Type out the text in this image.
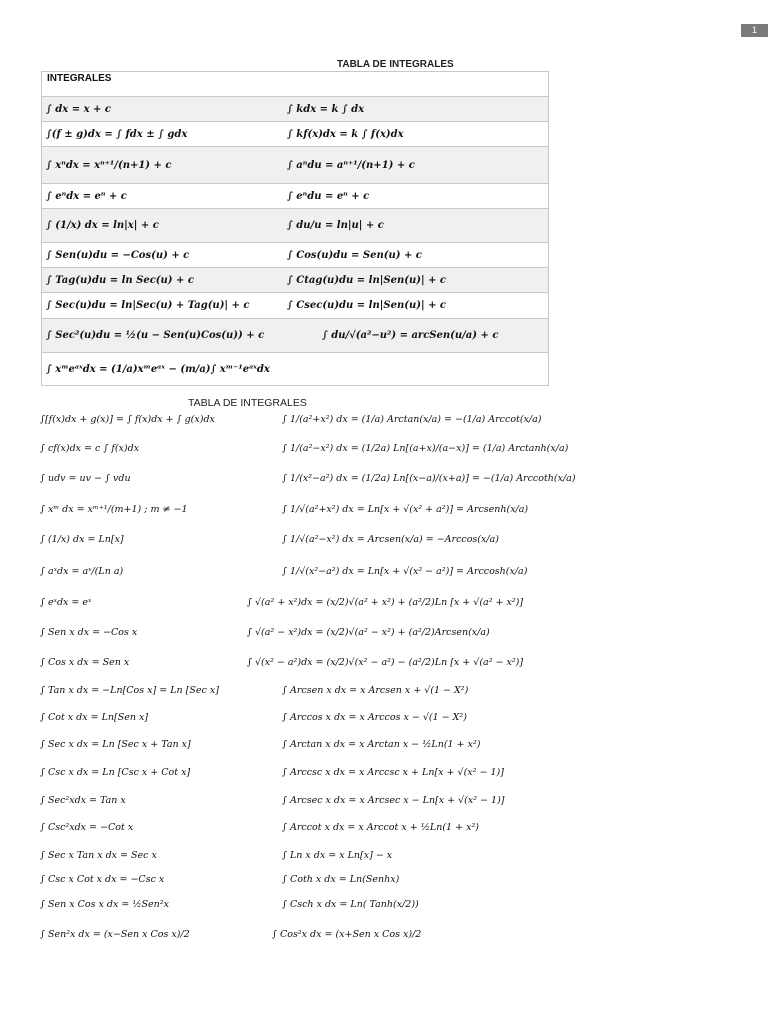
1
TABLA DE INTEGRALES
INTEGRALES
∫ dx = x + c	∫ kdx = k ∫ dx
∫(f ± g)dx = ∫ fdx ± ∫ gdx	∫ kf(x)dx = k ∫ f(x)dx
∫ xⁿdx = xⁿ⁺¹/(n+1) + c	∫ aⁿdu = aⁿ⁺¹/(n+1) + c
∫ eⁿdx = eⁿ + c	∫ eⁿdu = eⁿ + c
∫ (1/x) dx = ln|x| + c	∫ du/u = ln|u| + c
∫ Sen(u)du = −Cos(u) + c	∫ Cos(u)du = Sen(u) + c
∫ Tag(u)du = ln Sec(u) + c	∫ Ctag(u)du = ln|Sen(u)| + c
∫ Sec(u)du = ln|Sec(u) + Tag(u)| + c	∫ Csec(u)du = ln|Sen(u)| + c
∫ Sec²(u)du = ½(u − Sen(u)Cos(u)) + c	∫ du/√(a²−u²) = arcSen(u/a) + c
∫ xᵐeᵃˣdx = (1/a)xᵐeᵃˣ − (m/a)∫ xᵐ⁻¹eᵃˣdx
TABLA DE INTEGRALES
∫[f(x)dx + g(x)] = ∫ f(x)dx + ∫ g(x)dx	∫ 1/(a²+x²) dx = (1/a) Arctan(x/a) = −(1/a) Arccot(x/a)
∫ cf(x)dx = c ∫ f(x)dx	∫ 1/(a²−x²) dx = (1/2a) Ln[(a+x)/(a−x)] = (1/a) Arctanh(x/a)
∫ udv = uv − ∫ vdu	∫ 1/(x²−a²) dx = (1/2a) Ln[(x−a)/(x+a)] = −(1/a) Arccoth(x/a)
∫ xᵐ dx = xᵐ⁺¹/(m+1) ; m ≠ −1	∫ 1/√(a²+x²) dx = Ln[x + √(x² + a²)] = Arcsenh(x/a)
∫ (1/x) dx = Ln[x]	∫ 1/√(a²−x²) dx = Arcsen(x/a) = −Arccos(x/a)
∫ aˣdx = aˣ/(Ln a)	∫ 1/√(x²−a²) dx = Ln[x + √(x² − a²)] = Arccosh(x/a)
∫ eˣdx = eˣ	∫ √(a² + x²)dx = (x/2)√(a² + x²) + (a²/2)Ln [x + √(a² + x²)]
∫ Sen x dx = −Cos x	∫ √(a² − x²)dx = (x/2)√(a² − x²) + (a²/2)Arcsen(x/a)
∫ Cos x dx = Sen x	∫ √(x² − a²)dx = (x/2)√(x² − a²) − (a²/2)Ln [x + √(a² − x²)]
∫ Tan x dx = −Ln[Cos x] = Ln [Sec x]	∫ Arcsen x dx = x Arcsen x + √(1 − X²)
∫ Cot x dx = Ln[Sen x]	∫ Arccos x dx = x Arccos x − √(1 − X²)
∫ Sec x dx = Ln [Sec x + Tan x]	∫ Arctan x dx = x Arctan x − ½Ln(1 + x²)
∫ Csc x dx = Ln [Csc x + Cot x]	∫ Arccsc x dx = x Arccsc x + Ln[x + √(x² − 1)]
∫ Sec²xdx = Tan x	∫ Arcsec x dx = x Arcsec x − Ln[x + √(x² − 1)]
∫ Csc²xdx = −Cot x	∫ Arccot x dx = x Arccot x + ½Ln(1 + x²)
∫ Sec x Tan x dx = Sec x	∫ Ln x dx = x Ln[x] − x
∫ Csc x Cot x dx = −Csc x	∫ Coth x dx = Ln(Senhx)
∫ Sen x Cos x dx = ½Sen²x	∫ Csch x dx = Ln( Tanh(x/2))
∫ Sen²x dx = (x−Sen x Cos x)/2	∫ Cos²x dx = (x+Sen x Cos x)/2
